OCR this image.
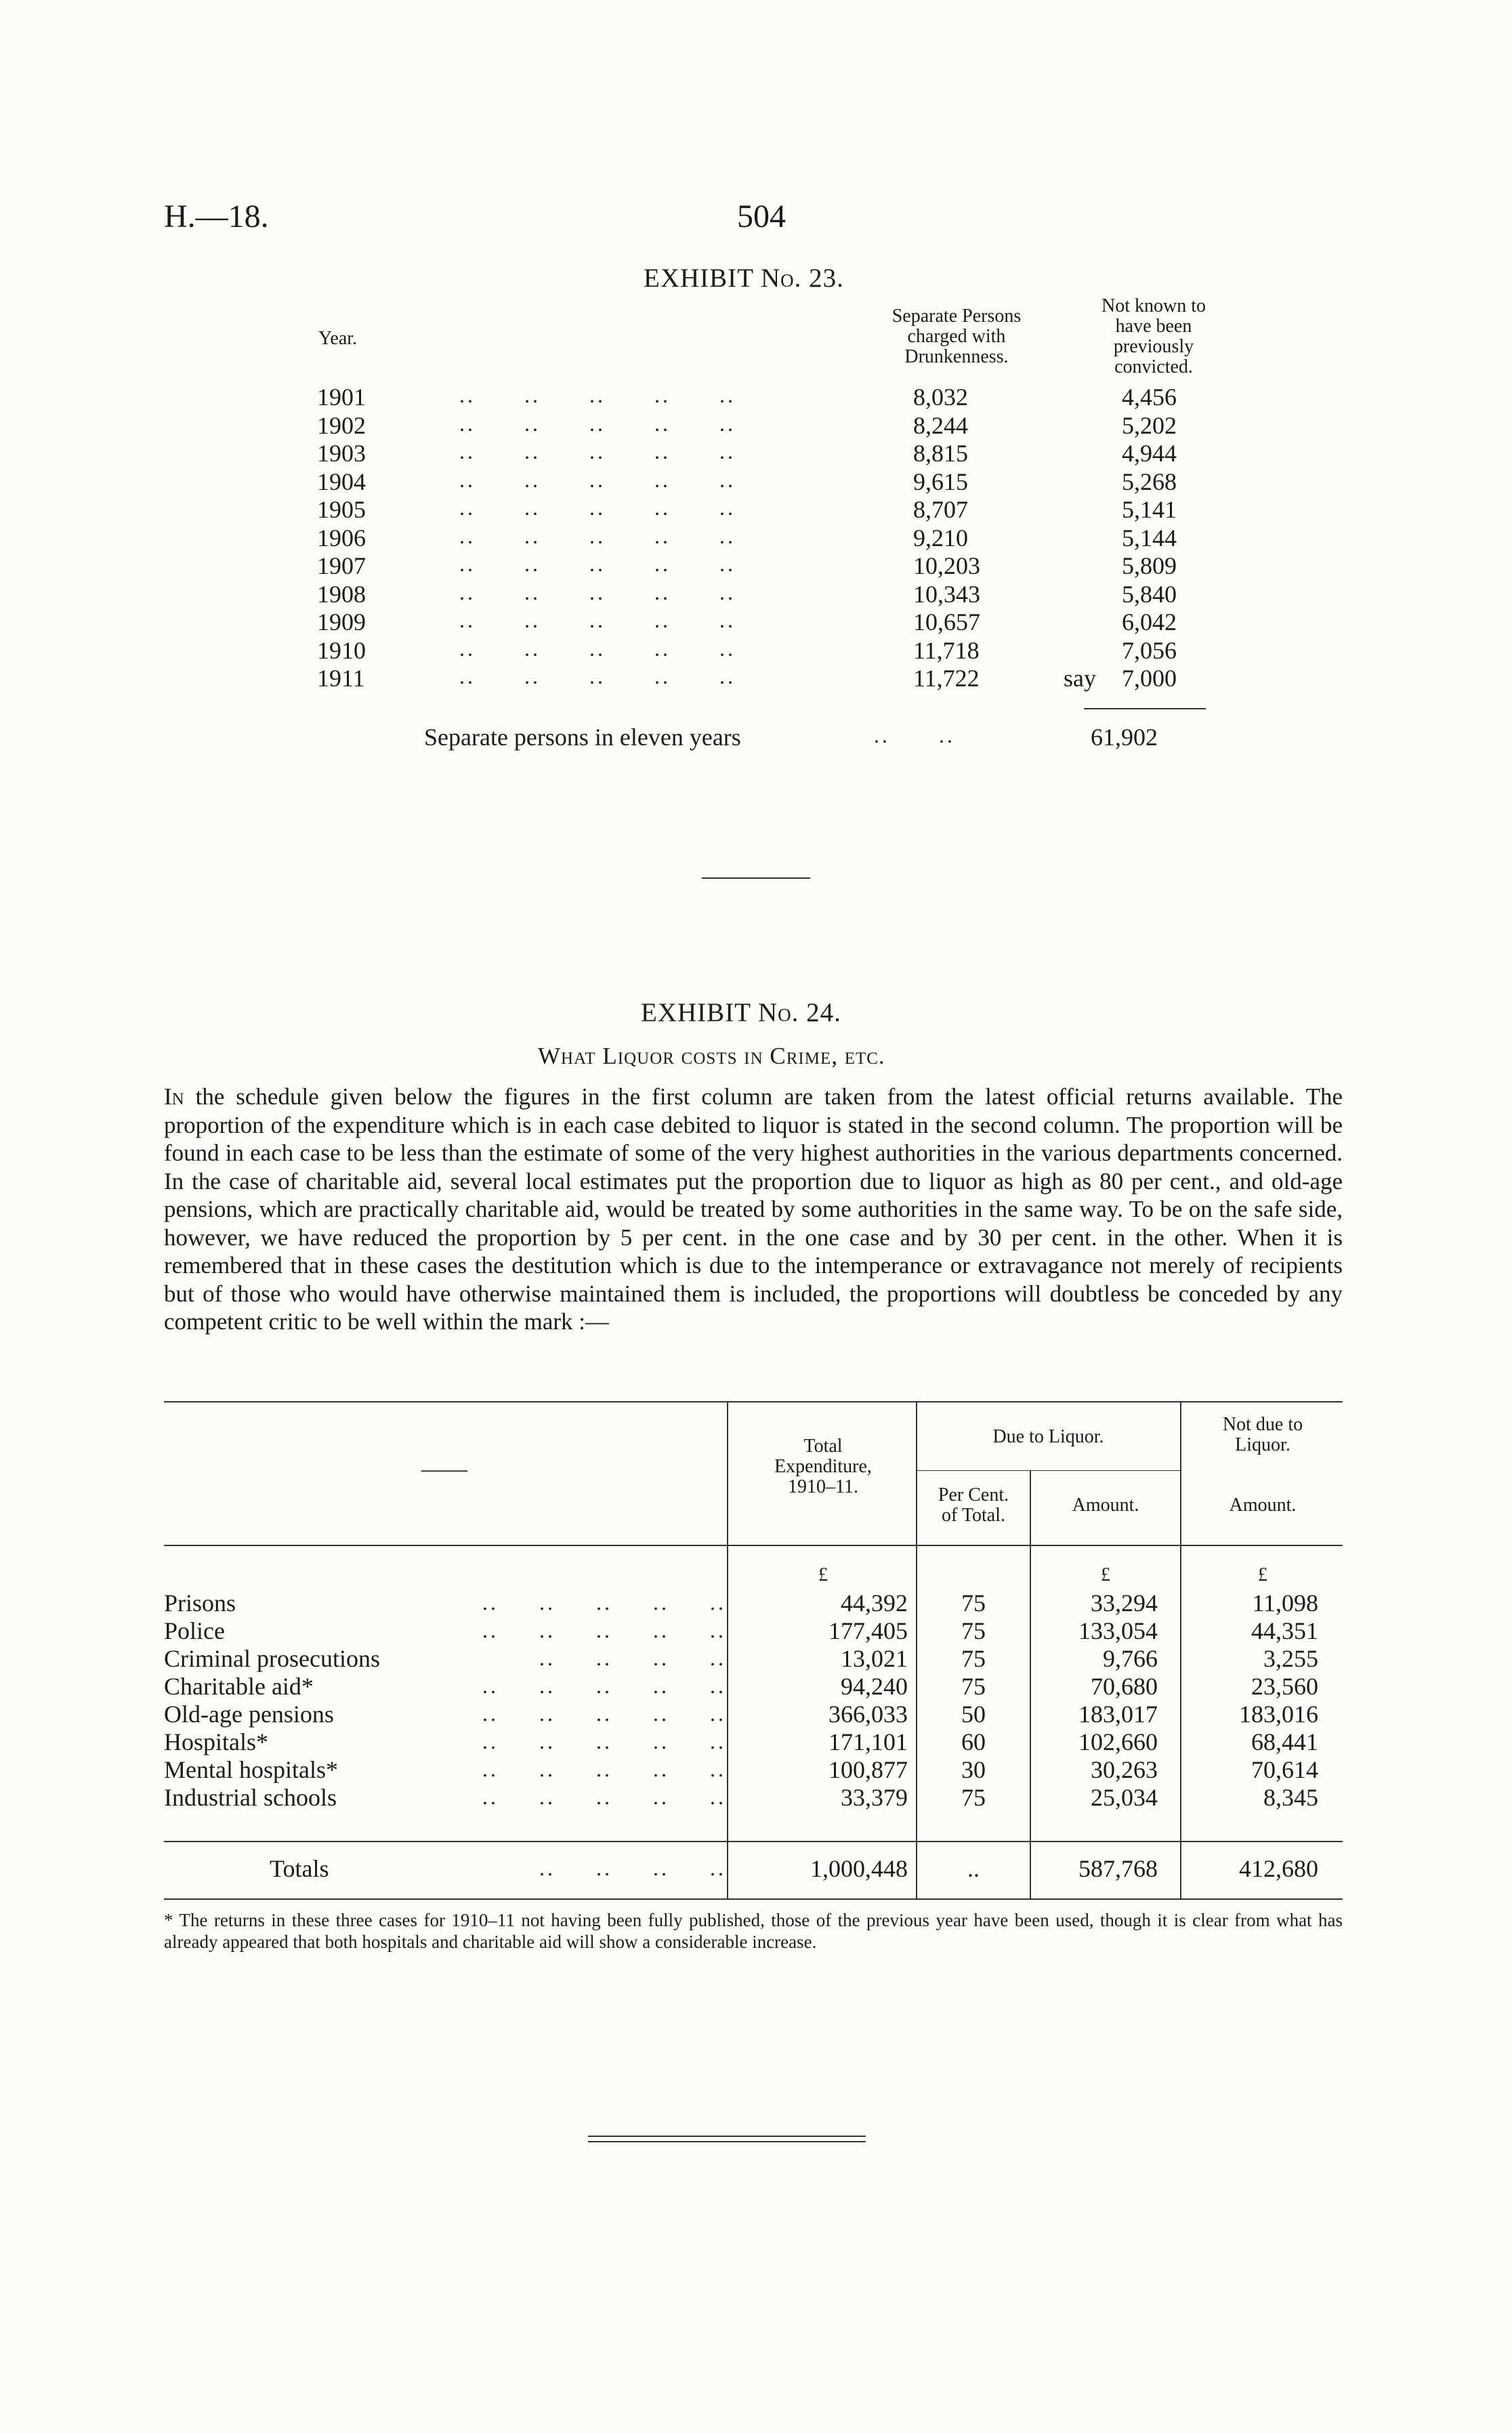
H.—18.	504
EXHIBIT No. 23.
Year.
Separate Persons
charged with
Drunkenness.
Not known to
have been
previously
convicted.
1901	..      ..      ..      ..      ..	8,032	4,456
1902	..      ..      ..      ..      ..	8,244	5,202
1903	..      ..      ..      ..      ..	8,815	4,944
1904	..      ..      ..      ..      ..	9,615	5,268
1905	..      ..      ..      ..      ..	8,707	5,141
1906	..      ..      ..      ..      ..	9,210	5,144
1907	..      ..      ..      ..      ..	10,203	5,809
1908	..      ..      ..      ..      ..	10,343	5,840
1909	..      ..      ..      ..      ..	10,657	6,042
1910	..      ..      ..      ..      ..	11,718	7,056
1911	..      ..      ..      ..      ..	11,722	say 7,000
Separate persons in eleven years	..      ..	61,902
EXHIBIT No. 24.
What Liquor costs in Crime, etc.
In the schedule given below the figures in the first column are taken from the latest official returns available. The proportion of the expenditure which is in each case debited to liquor is stated in the second column. The proportion will be found in each case to be less than the estimate of some of the very highest authorities in the various departments concerned. In the case of charitable aid, several local estimates put the proportion due to liquor as high as 80 per cent., and old-age pensions, which are practically charitable aid, would be treated by some authorities in the same way. To be on the safe side, however, we have reduced the proportion by 5 per cent. in the one case and by 30 per cent. in the other. When it is remembered that in these cases the destitution which is due to the intemperance or extravagance not merely of recipients but of those who would have otherwise maintained them is included, the proportions will doubtless be conceded by any competent critic to be well within the mark :—
——
Total
Expenditure,
1910–11.
Due to Liquor.
Not due to
Liquor.
Per Cent.
of Total.	Amount.	Amount.
£	£	£
Prisons	..     ..     ..     ..     ..	44,392	75	33,294	11,098
Police	..     ..     ..     ..     ..	177,405	75	133,054	44,351
Criminal prosecutions	..     ..     ..     ..	13,021	75	9,766	3,255
Charitable aid*	..     ..     ..     ..     ..	94,240	75	70,680	23,560
Old-age pensions	..     ..     ..     ..     ..	366,033	50	183,017	183,016
Hospitals*	..     ..     ..     ..     ..	171,101	60	102,660	68,441
Mental hospitals*	..     ..     ..     ..     ..	100,877	30	30,263	70,614
Industrial schools	..     ..     ..     ..     ..	33,379	75	25,034	8,345
Totals	..     ..     ..     ..	1,000,448	..	587,768	412,680
* The returns in these three cases for 1910–11 not having been fully published, those of the previous year have been used, though it is clear from what has already appeared that both hospitals and charitable aid will show a considerable increase.
